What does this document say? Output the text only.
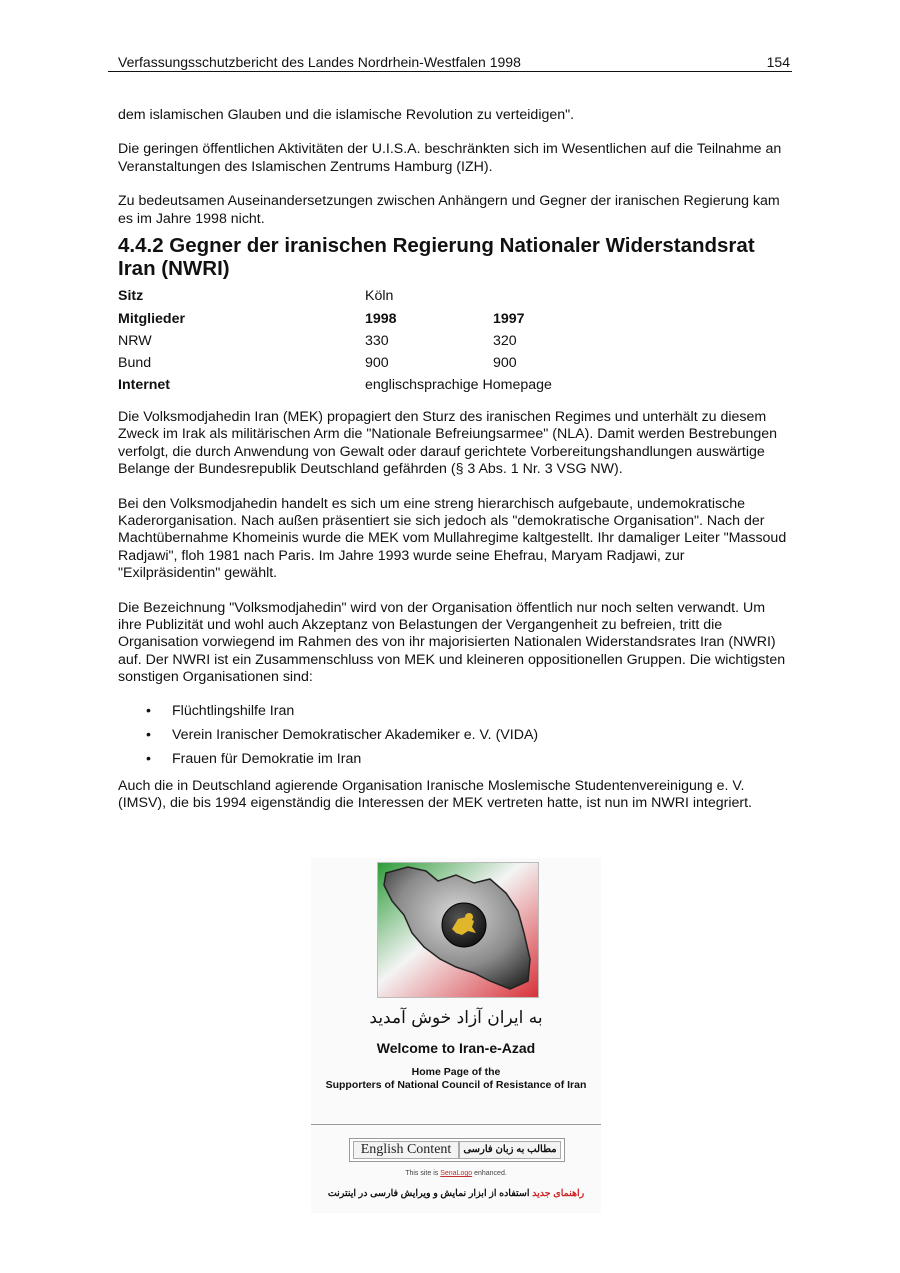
Verfassungsschutzbericht des Landes Nordrhein-Westfalen 1998	154

dem islamischen Glauben und die islamische Revolution zu verteidigen".

Die geringen öffentlichen Aktivitäten der U.I.S.A. beschränkten sich im Wesentlichen auf die Teilnahme an Veranstaltungen des Islamischen Zentrums Hamburg (IZH).

Zu bedeutsamen Auseinandersetzungen zwischen Anhängern und Gegner der iranischen Regierung kam es im Jahre 1998 nicht.

4.4.2 Gegner der iranischen Regierung Nationaler Widerstandsrat Iran (NWRI)
Sitz	Köln	
Mitglieder	1998	1997
NRW	330	320
Bund	900	900
Internet	englischsprachige Homepage	

Die Volksmodjahedin Iran (MEK) propagiert den Sturz des iranischen Regimes und unterhält zu diesem Zweck im Irak als militärischen Arm die "Nationale Befreiungsarmee" (NLA). Damit werden Bestrebungen verfolgt, die durch Anwendung von Gewalt oder darauf gerichtete Vorbereitungshandlungen auswärtige Belange der Bundesrepublik Deutschland gefährden (§ 3 Abs. 1 Nr. 3 VSG NW).

Bei den Volksmodjahedin handelt es sich um eine streng hierarchisch aufgebaute, undemokratische Kaderorganisation. Nach außen präsentiert sie sich jedoch als "demokratische Organisation". Nach der Machtübernahme Khomeinis wurde die MEK vom Mullahregime kaltgestellt. Ihr damaliger Leiter "Massoud Radjawi", floh 1981 nach Paris. Im Jahre 1993 wurde seine Ehefrau, Maryam Radjawi, zur "Exilpräsidentin" gewählt.

Die Bezeichnung "Volksmodjahedin" wird von der Organisation öffentlich nur noch selten verwandt. Um ihre Publizität und wohl auch Akzeptanz von Belastungen der Vergangenheit zu befreien, tritt die Organisation vorwiegend im Rahmen des von ihr majorisierten Nationalen Widerstandsrates Iran (NWRI) auf. Der NWRI ist ein Zusammenschluss von MEK und kleineren oppositionellen Gruppen. Die wichtigsten sonstigen Organisationen sind:

• Flüchtlingshilfe Iran
• Verein Iranischer Demokratischer Akademiker e. V. (VIDA)
• Frauen für Demokratie im Iran

Auch die in Deutschland agierende Organisation Iranische Moslemische Studentenvereinigung e. V. (IMSV), die bis 1994 eigenständig die Interessen der MEK vertreten hatte, ist nun im NWRI integriert.

به ایران آزاد خوش آمدید
Welcome to Iran-e-Azad
Home Page of the
Supporters of National Council of Resistance of Iran
English Content	مطالب به زبان فارسی
This site is SenaLogo enhanced.
راهنمای جدید استفاده از ابزار نمایش و ویرایش فارسی در اینترنت
